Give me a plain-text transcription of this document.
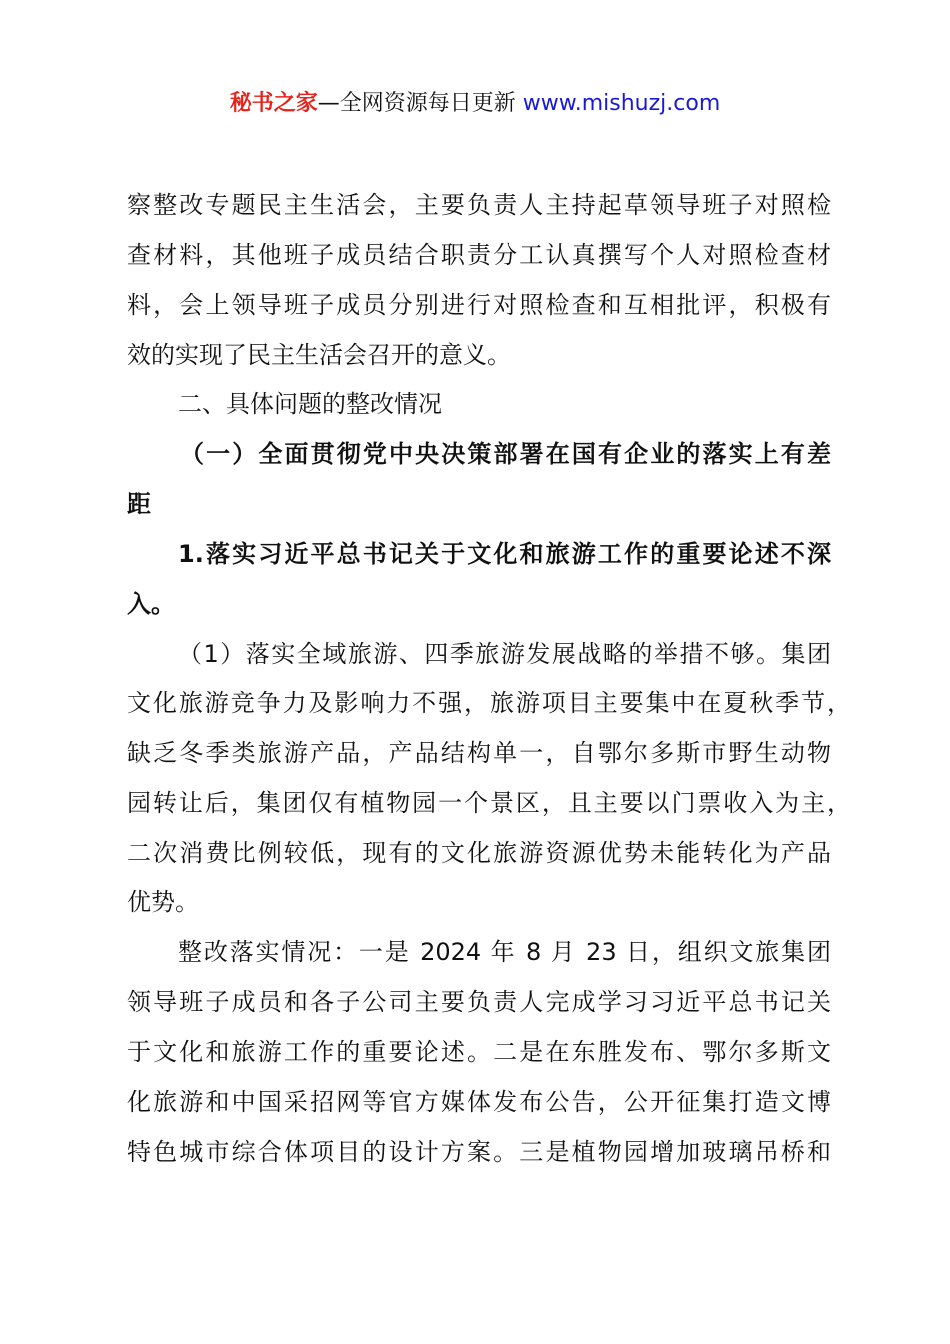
秘书之家—全网资源每日更新 www.mishuzj.com
察整改专题民主生活会，主要负责人主持起草领导班子对照检
查材料，其他班子成员结合职责分工认真撰写个人对照检查材
料，会上领导班子成员分别进行对照检查和互相批评，积极有
效的实现了民主生活会召开的意义。
二、具体问题的整改情况
（一）全面贯彻党中央决策部署在国有企业的落实上有差
距
1.落实习近平总书记关于文化和旅游工作的重要论述不深
入。
（1）落实全域旅游、四季旅游发展战略的举措不够。集团
文化旅游竞争力及影响力不强，旅游项目主要集中在夏秋季节，
缺乏冬季类旅游产品，产品结构单一，自鄂尔多斯市野生动物
园转让后，集团仅有植物园一个景区，且主要以门票收入为主，
二次消费比例较低，现有的文化旅游资源优势未能转化为产品
优势。
整改落实情况：一是 2024 年 8 月 23 日，组织文旅集团
领导班子成员和各子公司主要负责人完成学习习近平总书记关
于文化和旅游工作的重要论述。二是在东胜发布、鄂尔多斯文
化旅游和中国采招网等官方媒体发布公告，公开征集打造文博
特色城市综合体项目的设计方案。三是植物园增加玻璃吊桥和
